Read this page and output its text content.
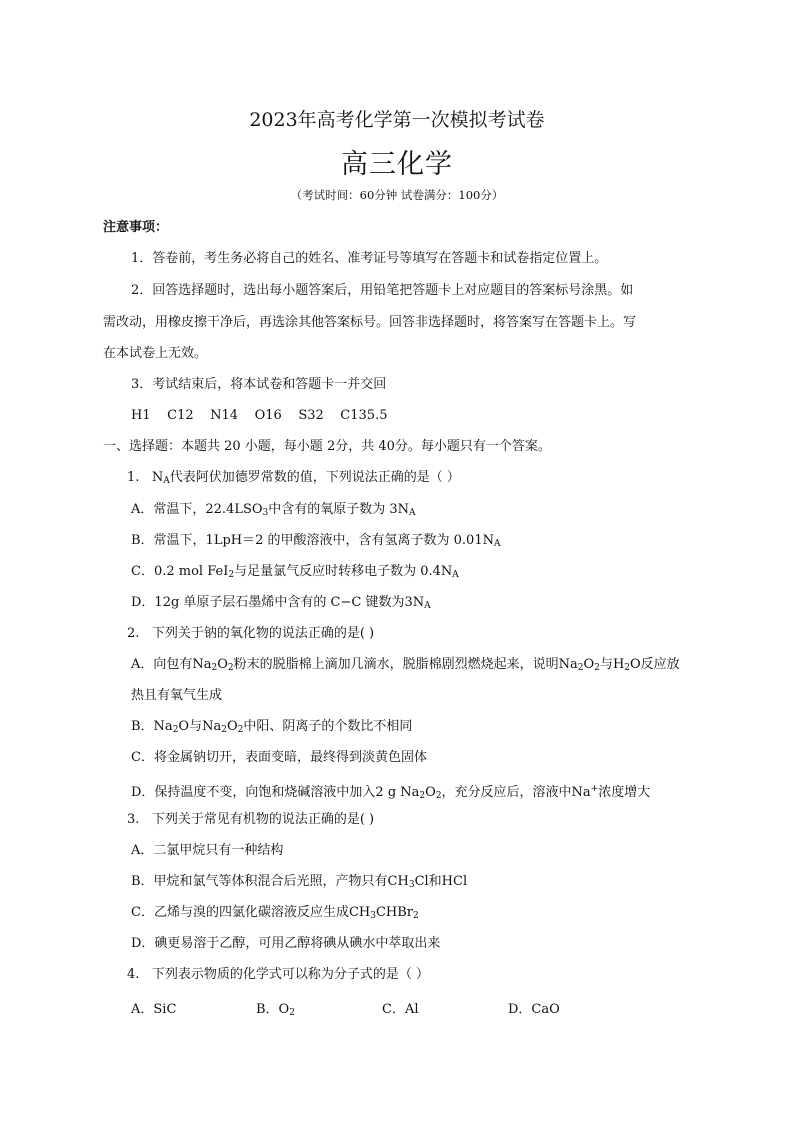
2023年高考化学第一次模拟考试卷
高三化学
（考试时间：60分钟 试卷满分：100分）
注意事项：
1．答卷前，考生务必将自己的姓名、准考证号等填写在答题卡和试卷指定位置上。
2．回答选择题时，选出每小题答案后，用铅笔把答题卡上对应题目的答案标号涂黑。如
需改动，用橡皮擦干净后，再选涂其他答案标号。回答非选择题时，将答案写在答题卡上。写
在本试卷上无效。
3．考试结束后，将本试卷和答题卡一并交回
H1    C12    N14    O16    S32    C135.5
一、选择题：本题共 20 小题，每小题 2分，共 40分。每小题只有一个答案。
1. $N_A$代表阿伏加德罗常数的值，下列说法正确的是（ ）
A．常温下，$22.4LSO_3$中含有的氧原子数为 $3N_A$
B．常温下，1LpH＝2 的甲酸溶液中，含有氢离子数为 $0.01N_A$
C．0.2 mol FeI$_2$与足量氯气反应时转移电子数为 $0.4N_A$
D．12g 单原子层石墨烯中含有的 C−C 键数为$3N_A$
2. 下列关于钠的氧化物的说法正确的是( )
A．向包有$Na_2O_2$粉末的脱脂棉上滴加几滴水，脱脂棉剧烈燃烧起来，说明$Na_2O_2$与$H_2O$反应放
热且有氧气生成
B．$Na_2O$与$Na_2O_2$中阳、阴离子的个数比不相同
C．将金属钠切开，表面变暗，最终得到淡黄色固体
D．保持温度不变，向饱和烧碱溶液中加入2 g $Na_2O_2$，充分反应后，溶液中Na+浓度增大
3. 下列关于常见有机物的说法正确的是( )
A．二氯甲烷只有一种结构
B．甲烷和氯气等体积混合后光照，产物只有$CH_3Cl$和HCl
C．乙烯与溴的四氯化碳溶液反应生成$CH_3CHBr_2$
D．碘更易溶于乙醇，可用乙醇将碘从碘水中萃取出来
4. 下列表示物质的化学式可以称为分子式的是（ ）
A．SiC	B．$O_2$	C．Al	D．CaO
